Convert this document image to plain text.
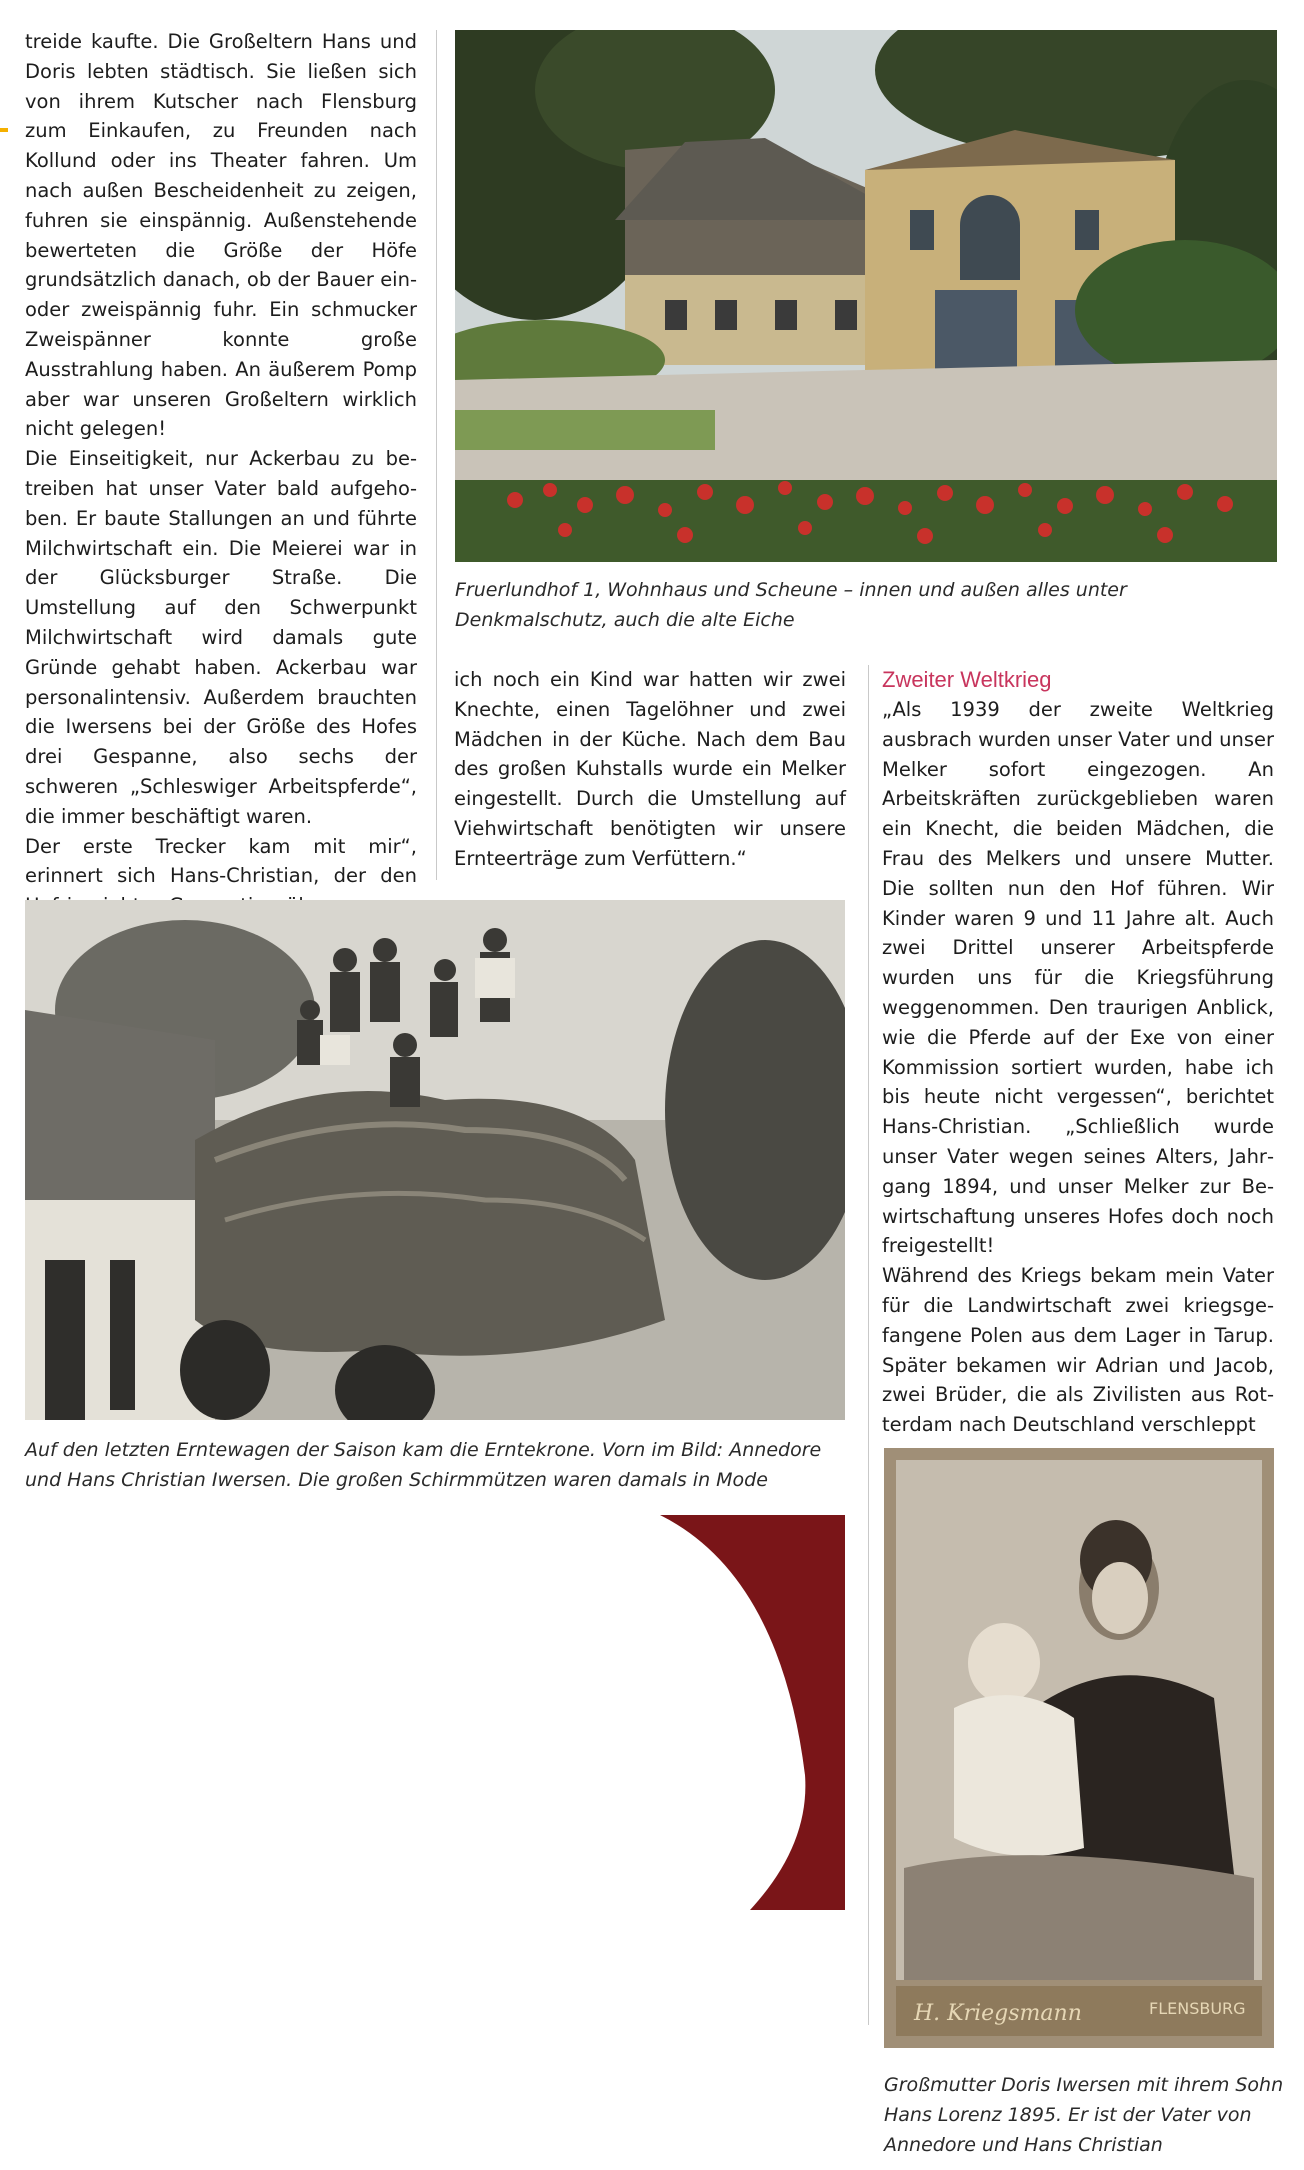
treide kaufte. Die Großeltern Hans und Doris lebten städtisch. Sie ließen sich von ihrem Kutscher nach Flensburg zum Einkaufen, zu Freunden nach Kollund oder ins Theater fahren. Um nach außen Bescheidenheit zu zeigen, fuhren sie einspännig. Außenstehende bewerteten die Größe der Höfe grundsätzlich danach, ob der Bauer ein- oder zweispännig fuhr. Ein schmucker Zweispänner konnte große Ausstrahlung haben. An äußerem Pomp aber war unseren Großeltern wirklich nicht gelegen!

Die Einseitigkeit, nur Ackerbau zu betreiben hat unser Vater bald aufgehoben. Er baute Stallungen an und führte Milchwirtschaft ein. Die Meierei war in der Glücksburger Straße. Die Umstellung auf den Schwerpunkt Milchwirtschaft wird damals gute Gründe gehabt haben. Ackerbau war personalintensiv. Außerdem brauchten die Iwersens bei der Größe des Hofes drei Gespanne, also sechs der schweren „Schleswiger Arbeitspferde“, die immer beschäftigt waren.

Der erste Trecker kam mit mir“, erinnert sich Hans-Christian, der den

Fruerlundhof 1, Wohnhaus und Scheune – innen und außen alles unter Denkmalschutz, auch die alte Eiche

ich noch ein Kind war hatten wir zwei Knechte, einen Tagelöhner und zwei Mädchen in der Küche. Nach dem Bau des großen Kuhstalls wurde ein Melker eingestellt. Durch die Umstellung auf Viehwirtschaft benötigten wir unsere Ernteerträge zum Verfüttern.“

Zweiter Weltkrieg

„Als 1939 der zweite Weltkrieg ausbrach wurden unser Vater und unser Melker sofort eingezogen. An Arbeitskräften zurückgeblieben waren ein Knecht, die beiden Mädchen, die Frau des Melkers und unsere Mutter. Die sollten nun den Hof führen. Wir Kinder waren 9 und 11 Jahre alt. Auch zwei Drittel unserer Arbeitspferde wurden uns für die Kriegsführung weggenommen. Den traurigen Anblick, wie die Pferde auf der Exe von einer Kommission sortiert wurden, habe ich bis heute nicht vergessen“, berichtet Hans-Christian. „Schließlich wurde unser Vater wegen seines Alters, Jahrgang 1894, und unser Melker zur Bewirtschaftung unseres Hofes doch noch freigestellt!

Während des Kriegs bekam mein Vater für die Landwirtschaft zwei kriegsgefangene Polen aus dem Lager in Tarup. Später bekamen wir Adrian und Jacob, zwei Brüder, die als Zivilisten aus Rotterdam nach Deutschland verschleppt

Auf den letzten Erntewagen der Saison kam die Erntekrone. Vorn im Bild: Annedore und Hans Christian Iwersen. Die großen Schirmmützen waren damals in Mode
H. Kriegsmann	FLENSBURG
Großmutter Doris Iwersen mit ihrem Sohn Hans Lorenz 1895. Er ist der Vater von Annedore und Hans Christian
